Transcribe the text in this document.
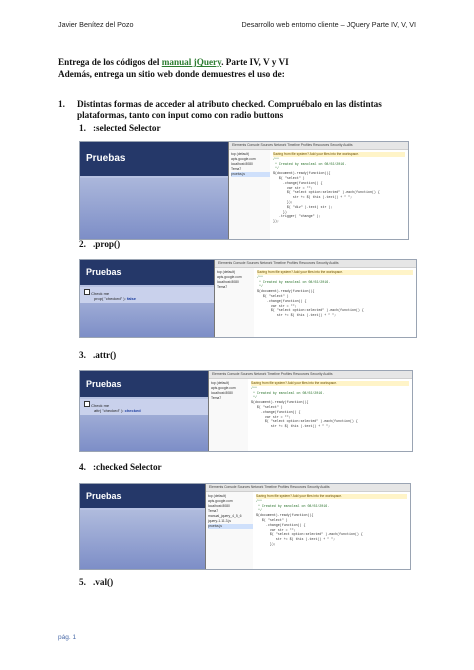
Javier Benítez del Pozo	Desarrollo web entorno cliente – JQuery Parte IV, V, VI
Entrega de los códigos del manual jQuery. Parte IV, V y VI
Además, entrega un sitio web donde demuestres el uso de:
1. Distintas formas de acceder al atributo checked. Compruébalo en las distintas plataformas, tanto con input como con radio buttons
1. :selected Selector
Pruebas
Elements Console Sources Network Timeline Profiles Resources Security Audits
top (default)
apis.google.com
localhost:8080
Tema7
prueba.js
Saving from file system? Add your files into the workspace.
/**
* Created by eanoleal on 08/02/2016.
*/
$(document).ready(function(){
$( "select" )
.change(function() {
var str = "";
$( "select option:selected" ).each(function() {
str += $( this ).text() + " ";
});
$( "div" ).text( str );
})
.trigger( "change" );
});
2. .prop()
Pruebas
Check me
prop( "checked" ): false
Elements Console Sources Network Timeline Profiles Resources Security Audits
top (default)
apis.google.com
localhost:8080
Tema7
Saving from file system? Add your files into the workspace.
/**
* Created by eanoleal on 08/02/2016.
*/
$(document).ready(function(){
$( "select" )
.change(function() {
var str = "";
$( "select option:selected" ).each(function() {
str += $( this ).text() + " ";
3. .attr()
Pruebas
Check me
attr( "checked" ): checked
Elements Console Sources Network Timeline Profiles Resources Security Audits
top (default)
apis.google.com
localhost:8080
Tema7
Saving from file system? Add your files into the workspace.
/**
* Created by eanoleal on 08/02/2016.
*/
$(document).ready(function(){
$( "select" )
.change(function() {
var str = "";
$( "select option:selected" ).each(function() {
str += $( this ).text() + " ";
4. :checked Selector
Pruebas
Elements Console Sources Network Timeline Profiles Resources Security Audits
top (default)
apis.google.com
localhost:8080
Tema7
manual_jquery_4_5_6
jquery-1.11.3.js
prueba.js
Saving from file system? Add your files into the workspace.
/**
* Created by eanoleal on 08/02/2016.
*/
$(document).ready(function(){
$( "select" )
.change(function() {
var str = "";
$( "select option:selected" ).each(function() {
str += $( this ).text() + " ";
});
5. .val()
pág. 1
